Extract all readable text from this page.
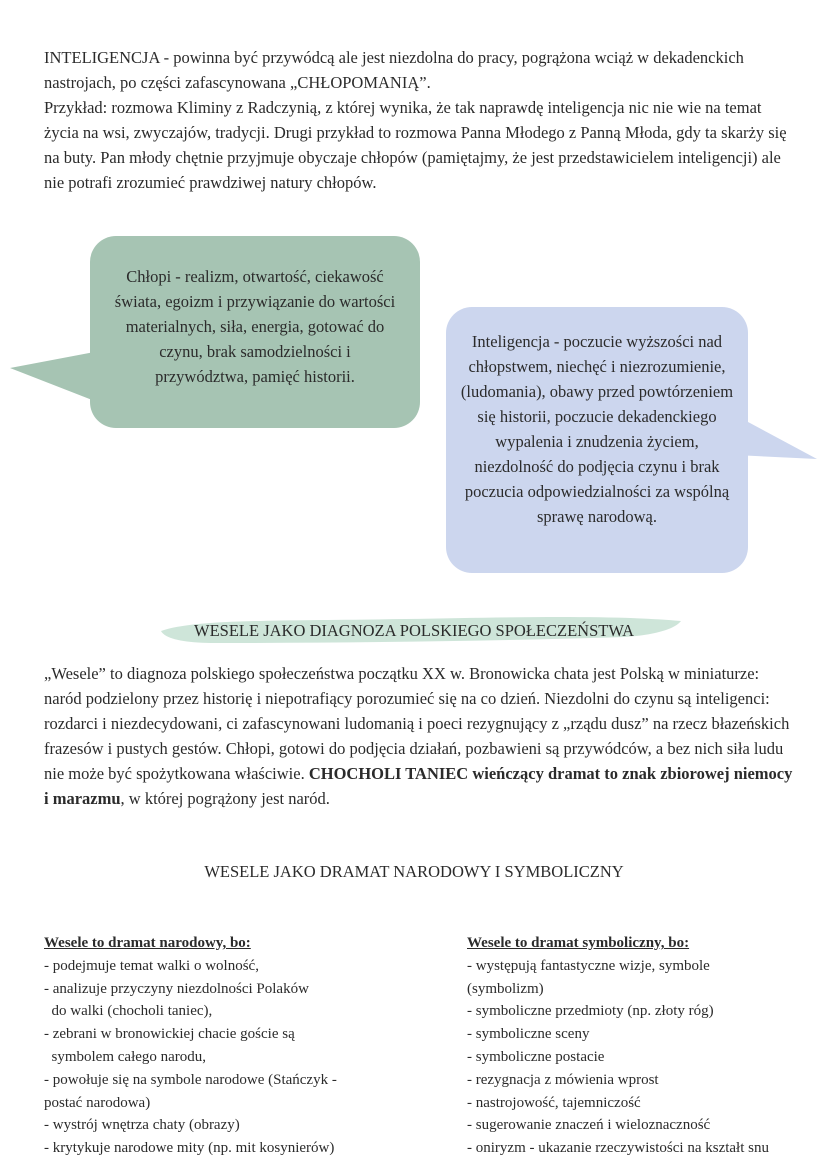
INTELIGENCJA - powinna być przywódcą ale jest niezdolna do pracy, pogrążona wciąż w dekadenckich nastrojach, po części zafascynowana „CHŁOPOMANIĄ”.
Przykład: rozmowa Kliminy z Radczynią, z której wynika, że tak naprawdę inteligencja nic nie wie na temat życia na wsi, zwyczajów, tradycji. Drugi przykład to rozmowa Panna Młodego z Panną Młoda, gdy ta skarży się na buty. Pan młody chętnie przyjmuje obyczaje chłopów (pamiętajmy, że jest przedstawicielem inteligencji) ale nie potrafi zrozumieć prawdziwej natury chłopów.
Chłopi - realizm, otwartość, ciekawość świata, egoizm i przywiązanie do wartości materialnych, siła, energia, gotować do czynu, brak samodzielności i przywództwa, pamięć historii.
Inteligencja - poczucie wyższości nad chłopstwem, niechęć i niezrozumienie, (ludomania), obawy przed powtórzeniem się historii, poczucie dekadenckiego wypalenia i znudzenia życiem, niezdolność do podjęcia czynu i brak poczucia odpowiedzialności za wspólną sprawę narodową.
WESELE JAKO DIAGNOZA POLSKIEGO SPOŁECZEŃSTWA
„Wesele” to diagnoza polskiego społeczeństwa początku XX w. Bronowicka chata jest Polską w miniaturze: naród podzielony przez historię i niepotrafiący porozumieć się na co dzień. Niezdolni do czynu są inteligenci: rozdarci i niezdecydowani, ci zafascynowani ludomanią i poeci rezygnujący z „rządu dusz” na rzecz błazeńskich frazesów i pustych gestów. Chłopi, gotowi do podjęcia działań, pozbawieni są przywódców, a bez nich siła ludu nie może być spożytkowana właściwie. CHOCHOLI TANIEC wieńczący dramat to znak zbiorowej niemocy i marazmu, w której pogrążony jest naród.
WESELE JAKO DRAMAT NARODOWY I SYMBOLICZNY
Wesele to dramat narodowy, bo:
- podejmuje temat walki o wolność,
- analizuje przyczyny niezdolności Polaków
do walki (chocholi taniec),
- zebrani w bronowickiej chacie goście są
symbolem całego narodu,
- powołuje się na symbole narodowe (Stańczyk -
postać narodowa)
- wystrój wnętrza chaty (obrazy)
- krytykuje narodowe mity (np. mit kosynierów)
Wesele to dramat symboliczny, bo:
- występują fantastyczne wizje, symbole
(symbolizm)
- symboliczne przedmioty (np. złoty róg)
- symboliczne sceny
- symboliczne postacie
- rezygnacja z mówienia wprost
- nastrojowość, tajemniczość
- sugerowanie znaczeń i wieloznaczność
- oniryzm - ukazanie rzeczywistości na kształt snu
